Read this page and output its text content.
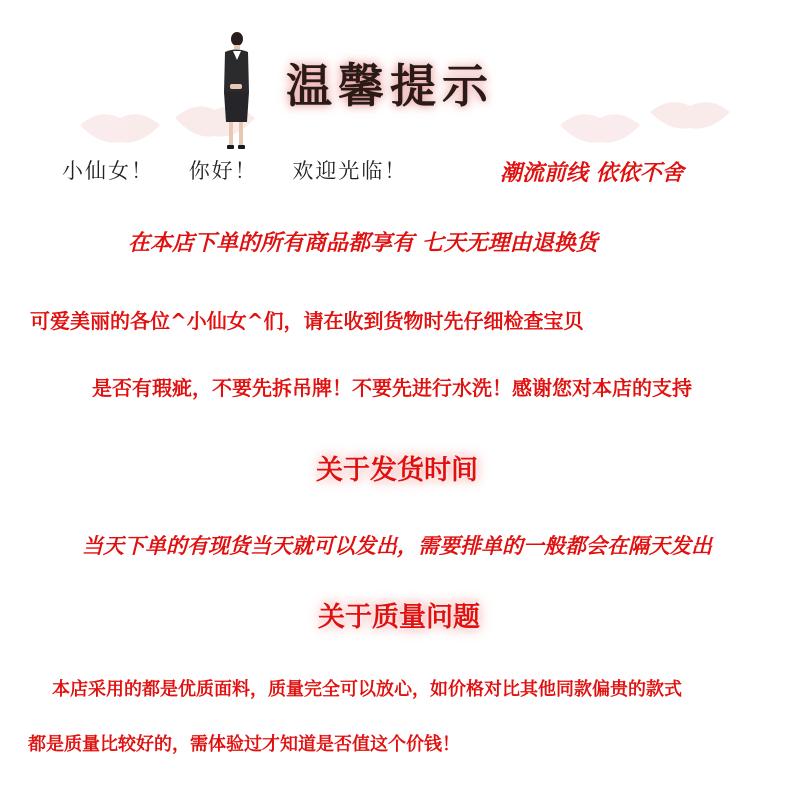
温馨提示
小仙女！ 你好！ 欢迎光临！	潮流前线 依依不舍
在本店下单的所有商品都享有 七天无理由退换货
可爱美丽的各位^小仙女^们，请在收到货物时先仔细检查宝贝
是否有瑕疵，不要先拆吊牌！不要先进行水洗！感谢您对本店的支持
关于发货时间
当天下单的有现货当天就可以发出，需要排单的一般都会在隔天发出
关于质量问题
本店采用的都是优质面料，质量完全可以放心，如价格对比其他同款偏贵的款式
都是质量比较好的，需体验过才知道是否值这个价钱！
